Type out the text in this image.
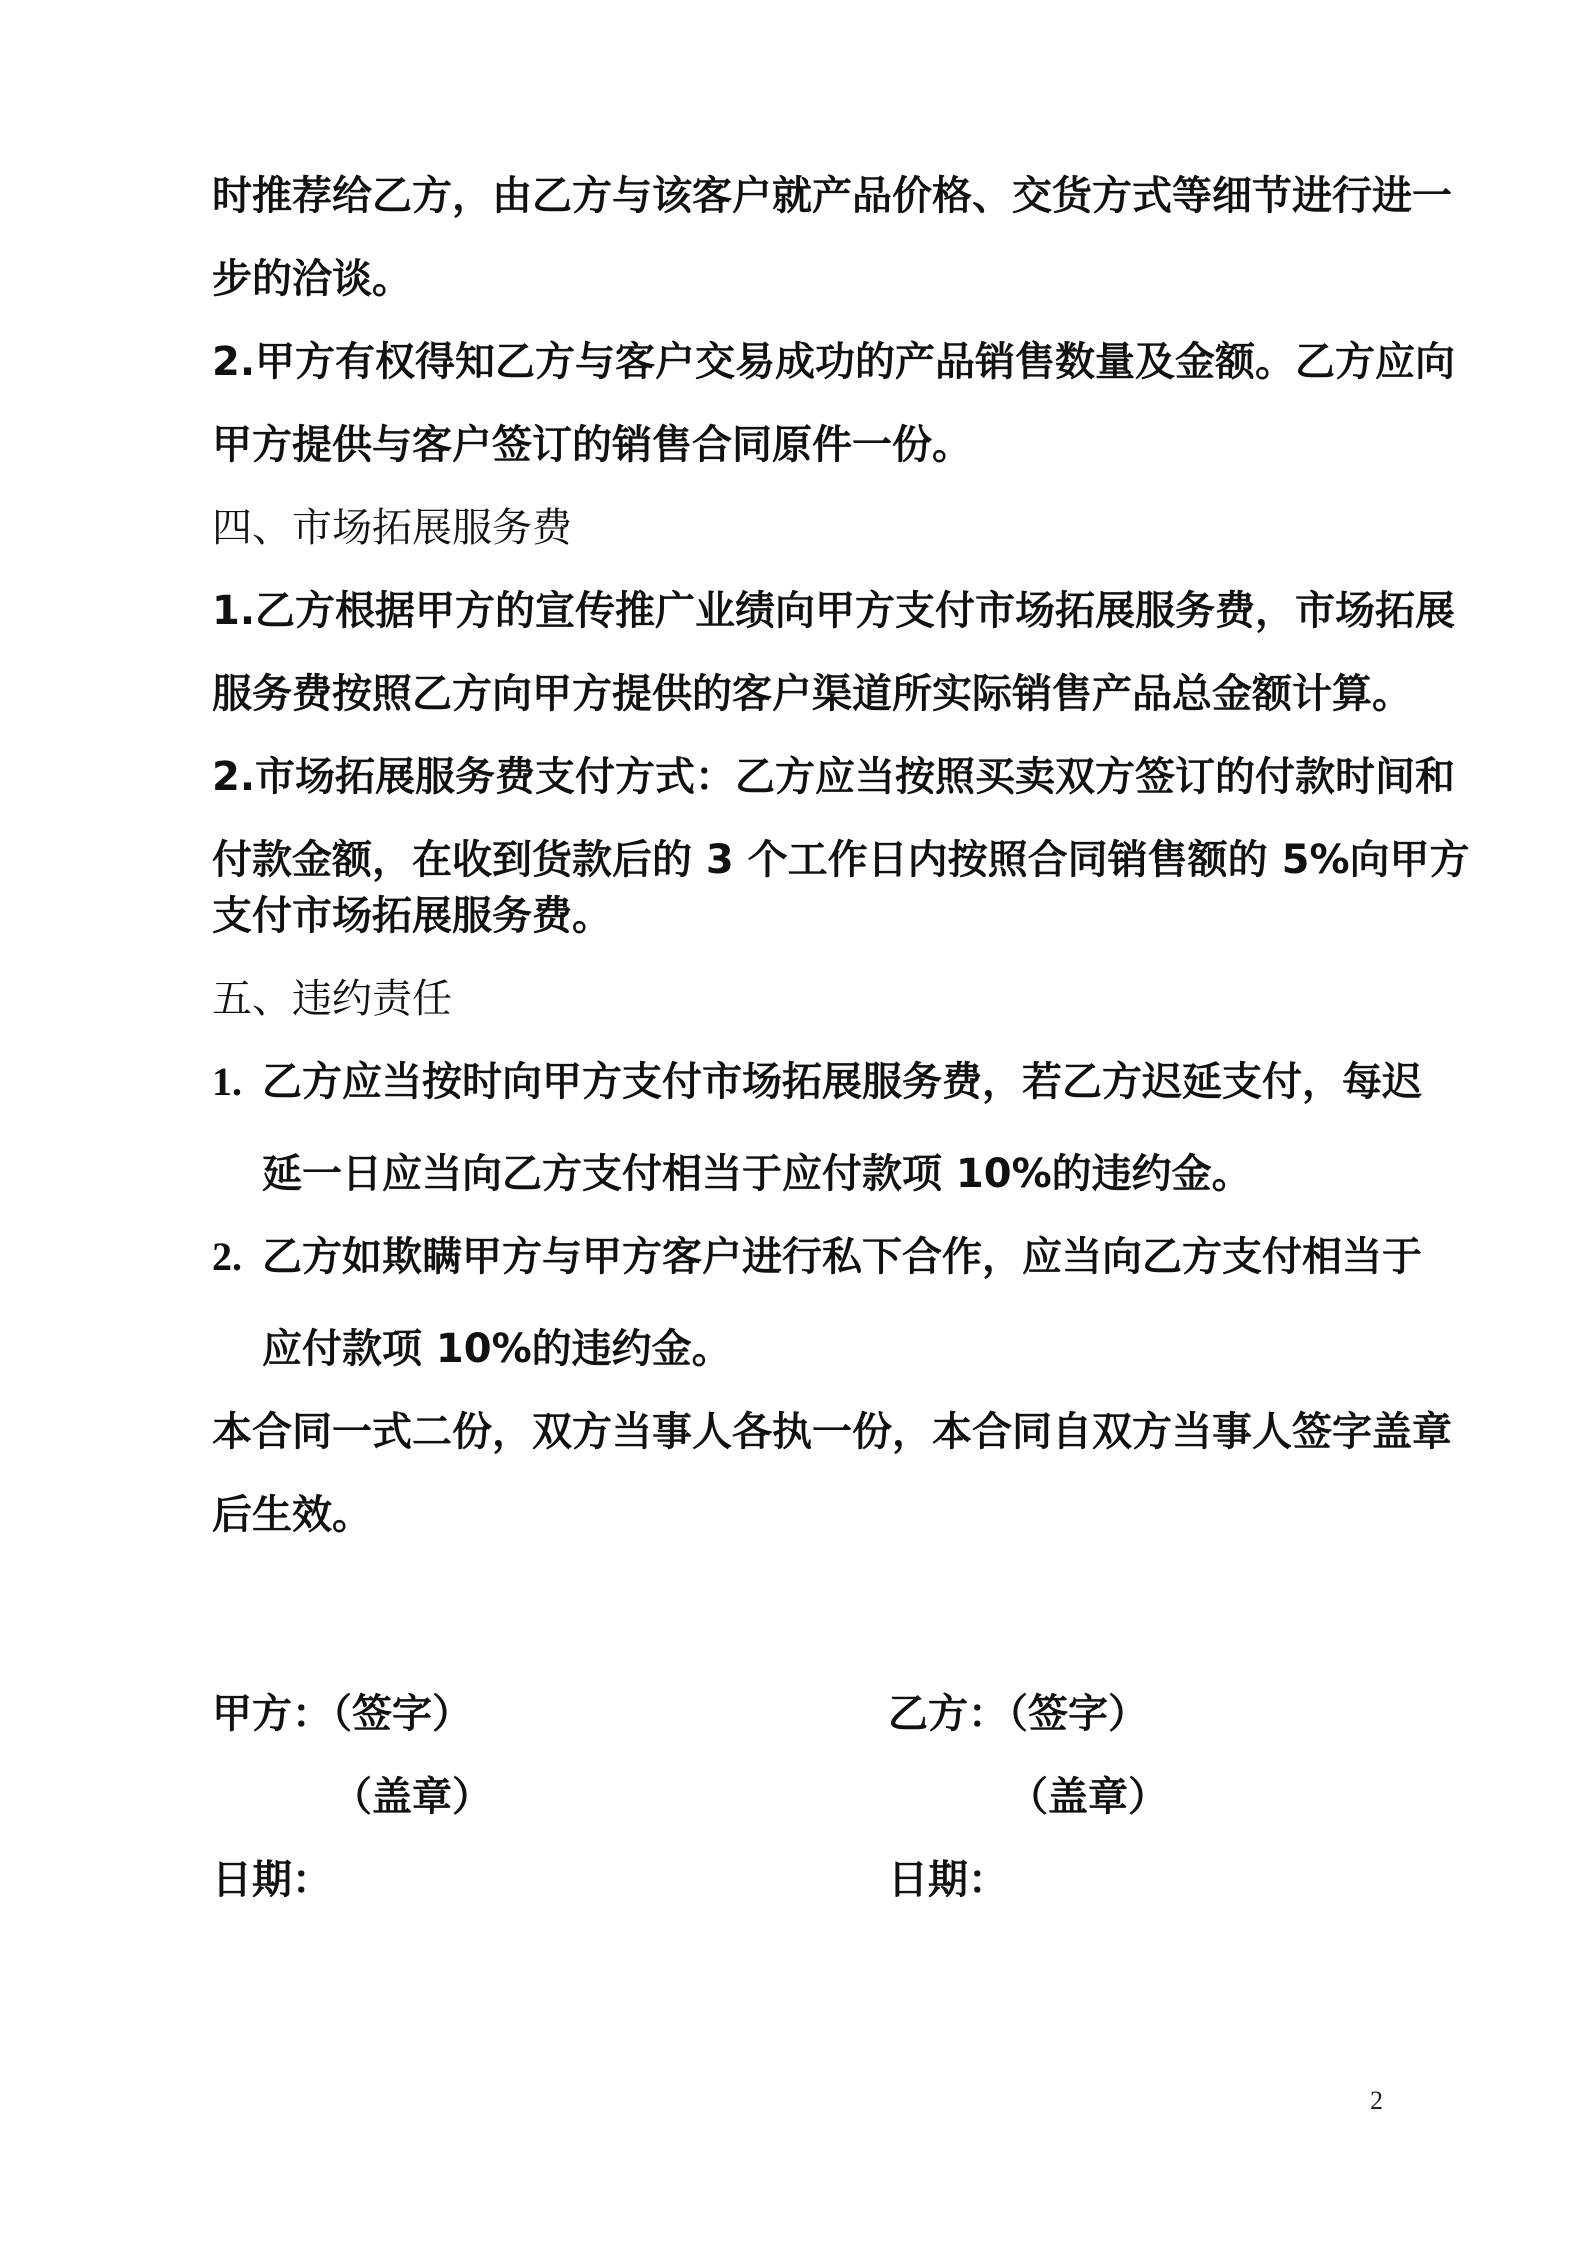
时推荐给乙方，由乙方与该客户就产品价格、交货方式等细节进行进一
步的洽谈。
2.甲方有权得知乙方与客户交易成功的产品销售数量及金额。乙方应向
甲方提供与客户签订的销售合同原件一份。
四、市场拓展服务费
1.乙方根据甲方的宣传推广业绩向甲方支付市场拓展服务费，市场拓展
服务费按照乙方向甲方提供的客户渠道所实际销售产品总金额计算。
2.市场拓展服务费支付方式：乙方应当按照买卖双方签订的付款时间和
付款金额，在收到货款后的 3 个工作日内按照合同销售额的 5%向甲方
支付市场拓展服务费。
五、违约责任
1. 乙方应当按时向甲方支付市场拓展服务费，若乙方迟延支付，每迟
延一日应当向乙方支付相当于应付款项 10%的违约金。
2. 乙方如欺瞒甲方与甲方客户进行私下合作，应当向乙方支付相当于
应付款项 10%的违约金。
本合同一式二份，双方当事人各执一份，本合同自双方当事人签字盖章
后生效。
甲方：（签字）
（盖章）
日期：
乙方：（签字）
（盖章）
日期：
2
